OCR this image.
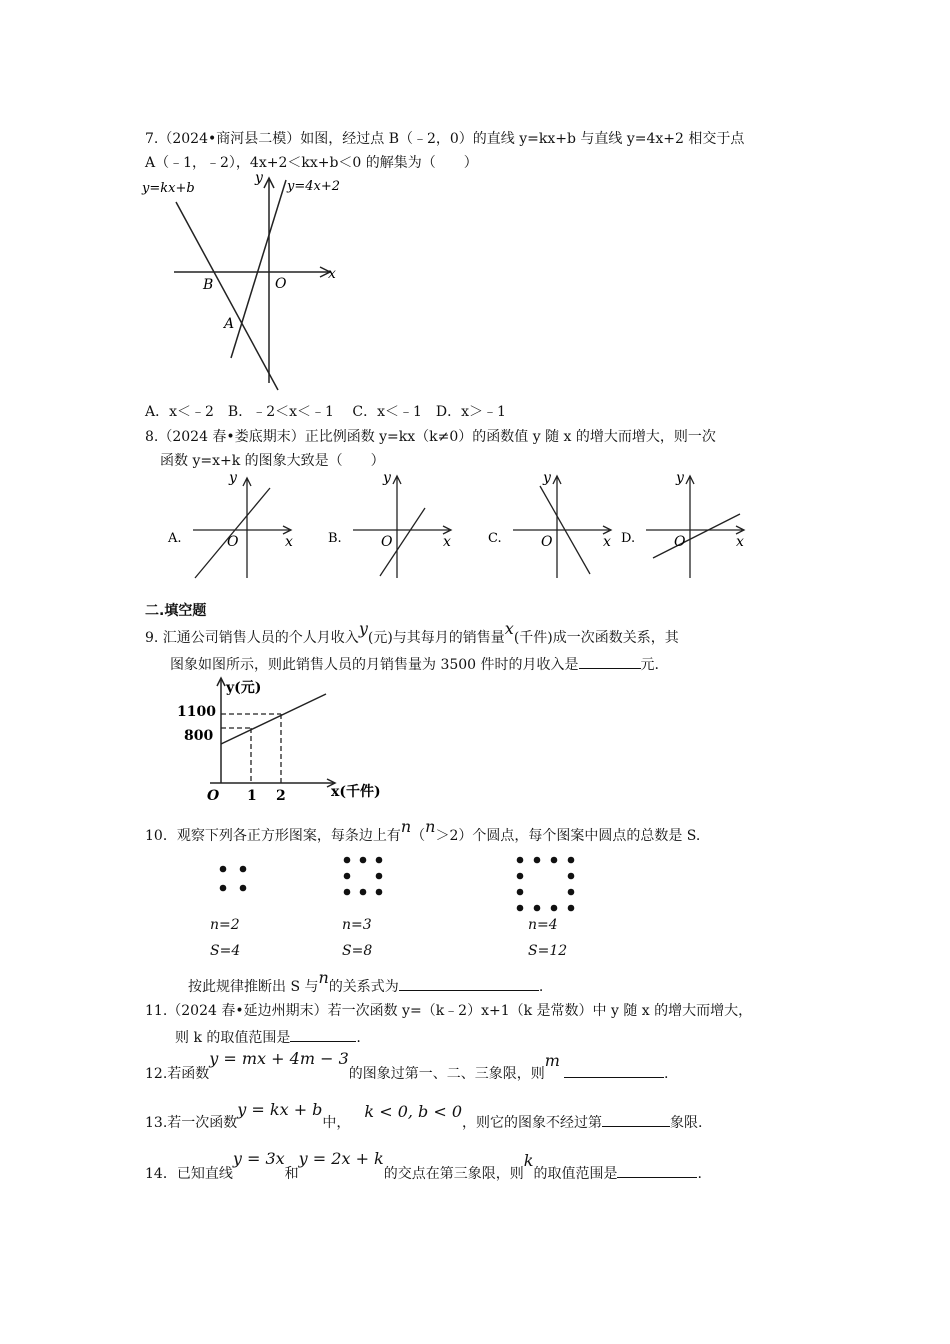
7.（2024•商河县二模）如图，经过点 B（﹣2，0）的直线 y=kx+b 与直线 y=4x+2 相交于点
A（﹣1，﹣2），4x+2＜kx+b＜0 的解集为（　　）
y=kx+b	y=4x+2
y
x
B	O
A
A．x＜﹣2　B．﹣2＜x＜﹣1　 C．x＜﹣1　D．x＞﹣1
8.（2024 春•娄底期末）正比例函数 y=kx（k≠0）的函数值 y 随 x 的增大而增大，则一次
函数 y=x+k 的图象大致是（　　）
A.
y
x
O	B.
y
x
O	C.
y
x
O	D.
y
x
O
二.填空题
9. 汇通公司销售人员的个人月收入y(元)与其每月的销售量x(千件)成一次函数关系，其
图象如图所示，则此销售人员的月销售量为 3500 件时的月收入是	元.
y(元)
1100
800
O 1 2	x(千件)
10．观察下列各正方形图案，每条边上有n（n＞2）个圆点，每个图案中圆点的总数是 S.
n=2
S=4
n=3
S=8
n=4
S=12
按此规律推断出 S 与n的关系式为	.
11.（2024 春•延边州期末）若一次函数 y=（k﹣2）x+1（k 是常数）中 y 随 x 的增大而增大，
则 k 的取值范围是	.
12.若函数y = mx + 4m − 3的图象过第一、二、三象限，则m.
13.若一次函数y = kx + b中，k < 0, b < 0，则它的图象不经过第	象限.
14．已知直线y = 3x和y = 2x + k的交点在第三象限，则k的取值范围是	.
